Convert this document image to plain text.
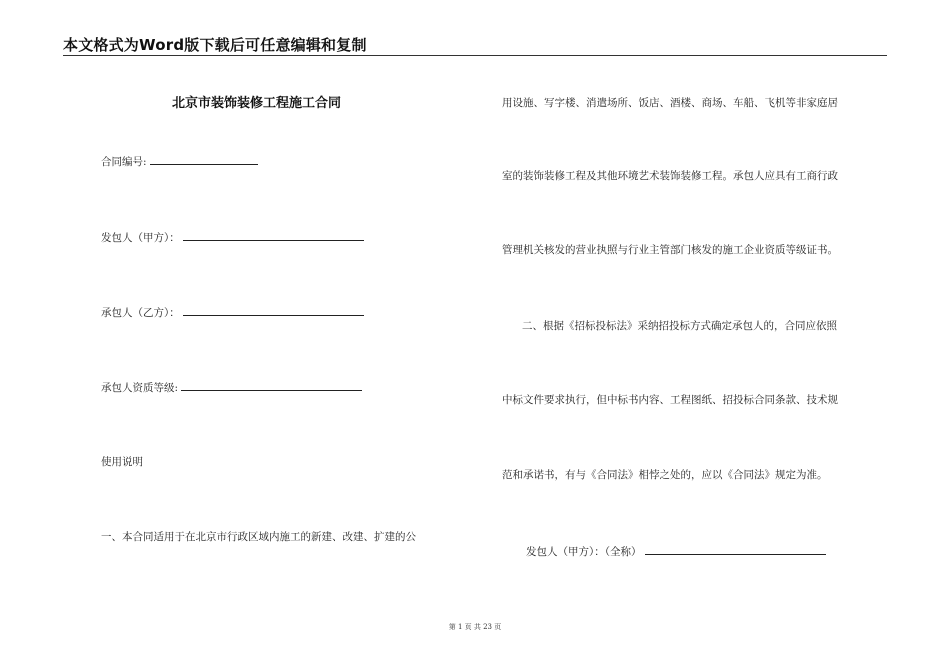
本文格式为Word版下载后可任意编辑和复制
北京市装饰装修工程施工合同
合同编号:
发包人（甲方）：
承包人（乙方）：
承包人资质等级:
使用说明
一、本合同适用于在北京市行政区域内施工的新建、改建、扩建的公
用设施、写字楼、消遣场所、饭店、酒楼、商场、车船、飞机等非家庭居
室的装饰装修工程及其他环境艺术装饰装修工程。承包人应具有工商行政
管理机关核发的营业执照与行业主管部门核发的施工企业资质等级证书。
二、根据《招标投标法》采纳招投标方式确定承包人的，合同应依照
中标文件要求执行，但中标书内容、工程图纸、招投标合同条款、技术规
范和承诺书，有与《合同法》相悖之处的，应以《合同法》规定为准。
发包人（甲方）：（全称）
第 1 页 共 23 页
